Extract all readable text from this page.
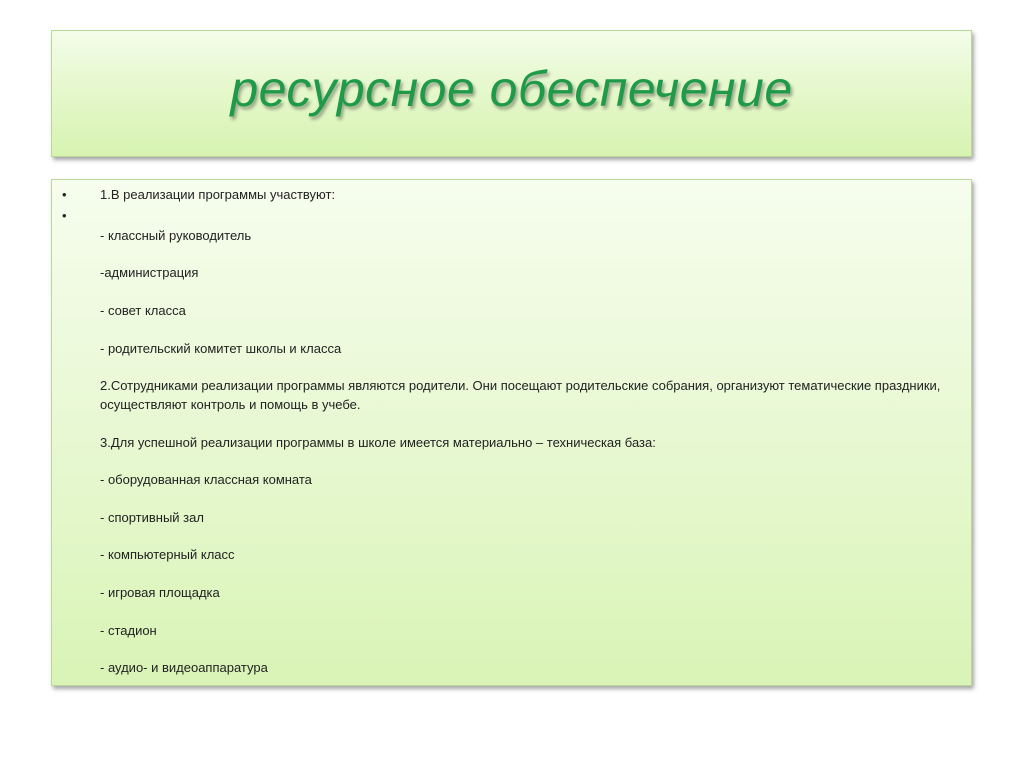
ресурсное обеспечение
•
•
1.В реализации программы участвуют:
- классный руководитель
-администрация
- совет класса
- родительский комитет школы и класса
2.Сотрудниками реализации программы являются родители. Они посещают родительские собрания, организуют тематические праздники, осуществляют контроль и помощь в учебе.
3.Для успешной реализации программы в школе имеется материально – техническая база:
- оборудованная классная комната
- спортивный зал
- компьютерный класс
- игровая площадка
- стадион
- аудио- и видеоаппаратура
